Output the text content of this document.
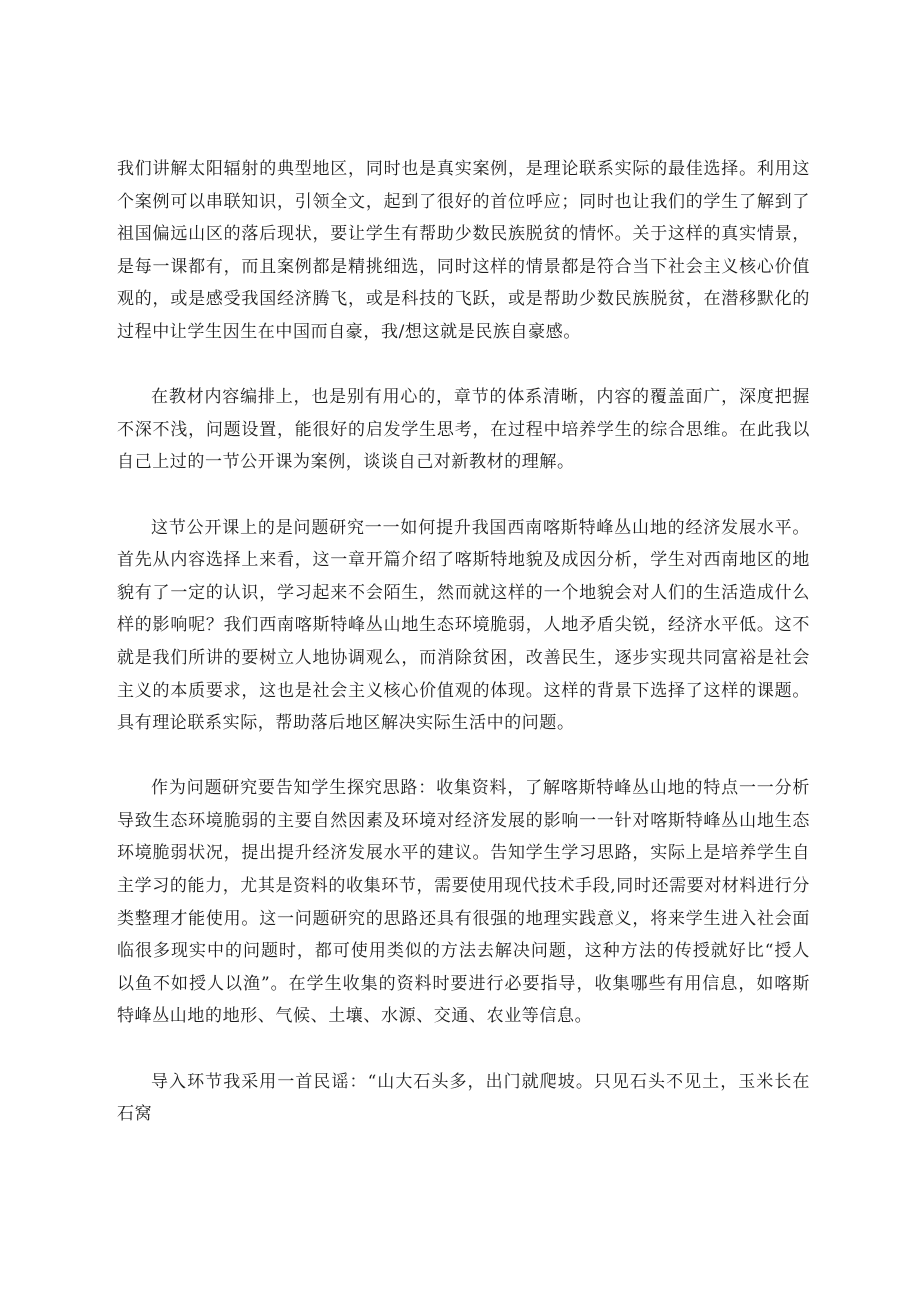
我们讲解太阳辐射的典型地区，同时也是真实案例，是理论联系实际的最佳选择。利用这个案例可以串联知识，引领全文，起到了很好的首位呼应；同时也让我们的学生了解到了祖国偏远山区的落后现状，要让学生有帮助少数民族脱贫的情怀。关于这样的真实情景，是每一课都有，而且案例都是精挑细选，同时这样的情景都是符合当下社会主义核心价值观的，或是感受我国经济腾飞，或是科技的飞跃，或是帮助少数民族脱贫，在潜移默化的过程中让学生因生在中国而自豪，我/想这就是民族自豪感。

在教材内容编排上，也是别有用心的，章节的体系清晰，内容的覆盖面广，深度把握不深不浅，问题设置，能很好的启发学生思考，在过程中培养学生的综合思维。在此我以自己上过的一节公开课为案例，谈谈自己对新教材的理解。

这节公开课上的是问题研究一一如何提升我国西南喀斯特峰丛山地的经济发展水平。首先从内容选择上来看，这一章开篇介绍了喀斯特地貌及成因分析，学生对西南地区的地貌有了一定的认识，学习起来不会陌生，然而就这样的一个地貌会对人们的生活造成什么样的影响呢？我们西南喀斯特峰丛山地生态环境脆弱，人地矛盾尖锐，经济水平低。这不就是我们所讲的要树立人地协调观么，而消除贫困，改善民生，逐步实现共同富裕是社会主义的本质要求，这也是社会主义核心价值观的体现。这样的背景下选择了这样的课题。具有理论联系实际，帮助落后地区解决实际生活中的问题。

作为问题研究要告知学生探究思路：收集资料，了解喀斯特峰丛山地的特点一一分析导致生态环境脆弱的主要自然因素及环境对经济发展的影响一一针对喀斯特峰丛山地生态环境脆弱状况，提出提升经济发展水平的建议。告知学生学习思路，实际上是培养学生自主学习的能力，尤其是资料的收集环节，需要使用现代技术手段,同时还需要对材料进行分类整理才能使用。这一问题研究的思路还具有很强的地理实践意义，将来学生进入社会面临很多现实中的问题时，都可使用类似的方法去解决问题，这种方法的传授就好比“授人以鱼不如授人以渔”。在学生收集的资料时要进行必要指导，收集哪些有用信息，如喀斯特峰丛山地的地形、气候、土壤、水源、交通、农业等信息。

导入环节我采用一首民谣：“山大石头多，出门就爬坡。只见石头不见土，玉米长在石窝
